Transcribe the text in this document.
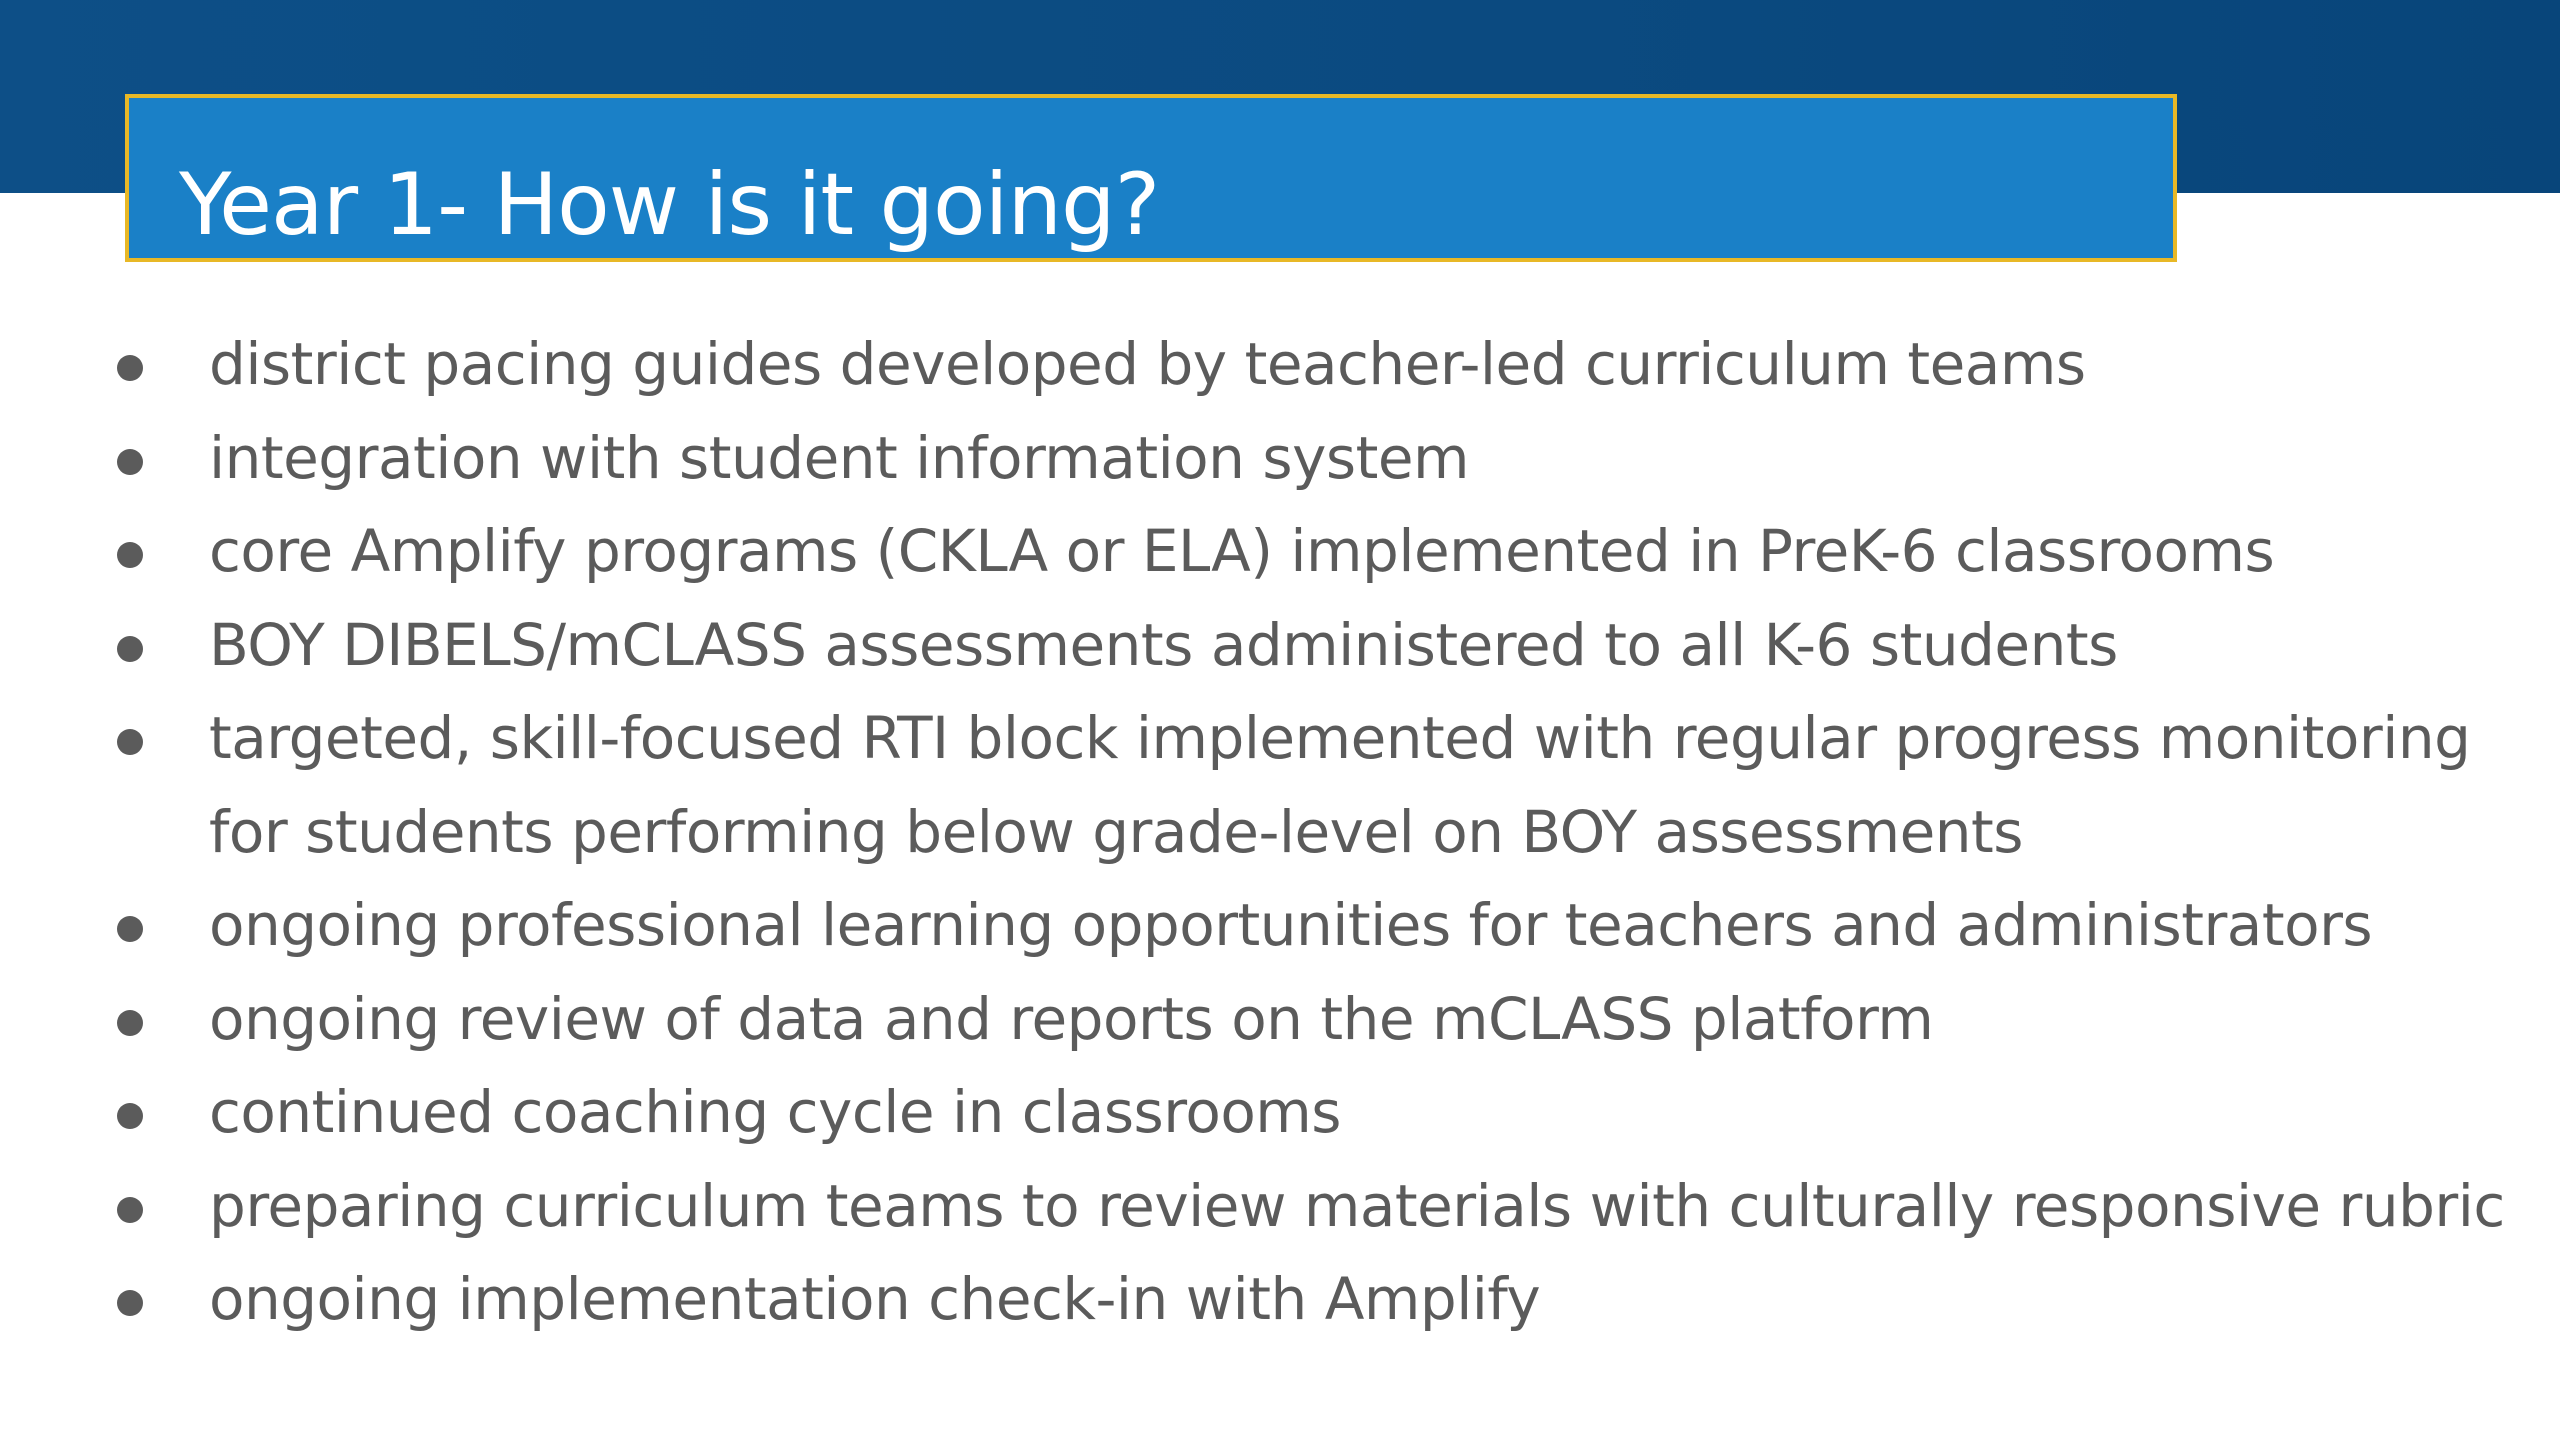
Year 1- How is it going?
district pacing guides developed by teacher-led curriculum teams
integration with student information system
core Amplify programs (CKLA or ELA) implemented in PreK-6 classrooms
BOY DIBELS/mCLASS assessments administered to all K-6 students
targeted, skill-focused RTI block implemented with regular progress monitoring for students performing below grade-level on BOY assessments
ongoing professional learning opportunities for teachers and administrators
ongoing review of data and reports on the mCLASS platform
continued coaching cycle in classrooms
preparing curriculum teams to review materials with culturally responsive rubric
ongoing implementation check-in with Amplify
